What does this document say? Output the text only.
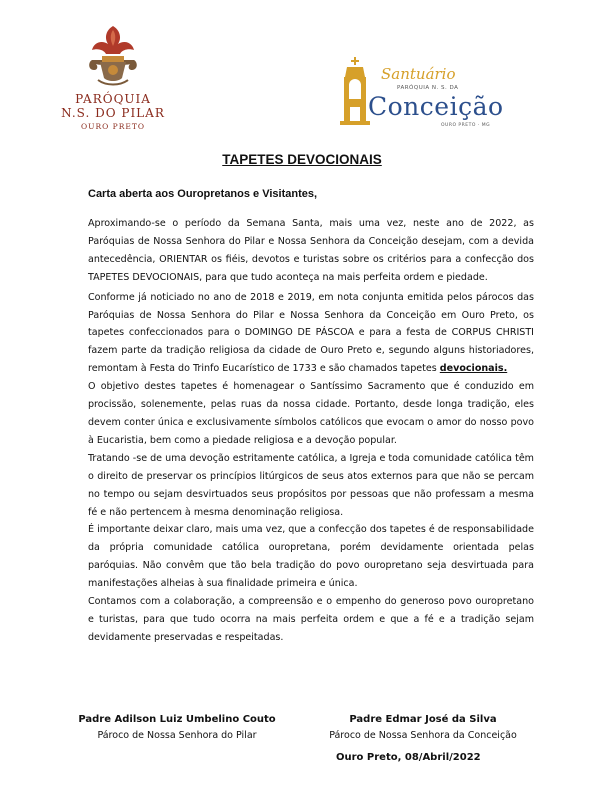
PARÓQUIA
N.S. DO PILAR
OURO PRETO
Santuário
PARÓQUIA N. S. DA
Conceição
OURO PRETO · MG
TAPETES DEVOCIONAIS
Carta aberta aos Ouropretanos e Visitantes,

Aproximando-se o período da Semana Santa, mais uma vez, neste ano de 2022, as Paróquias de Nossa Senhora do Pilar e Nossa Senhora da Conceição desejam, com a devida antecedência, ORIENTAR os fiéis, devotos e turistas sobre os critérios para a confecção dos TAPETES DEVOCIONAIS, para que tudo aconteça na mais perfeita ordem e piedade.

Conforme já noticiado no ano de 2018 e 2019, em nota conjunta emitida pelos párocos das Paróquias de Nossa Senhora do Pilar e Nossa Senhora da Conceição em Ouro Preto, os tapetes confeccionados para o DOMINGO DE PÁSCOA e para a festa de CORPUS CHRISTI fazem parte da tradição religiosa da cidade de Ouro Preto e, segundo alguns historiadores, remontam à Festa do Trinfo Eucarístico de 1733 e são chamados tapetes devocionais.

O objetivo destes tapetes é homenagear o Santíssimo Sacramento que é conduzido em procissão, solenemente, pelas ruas da nossa cidade. Portanto, desde longa tradição, eles devem conter única e exclusivamente símbolos católicos que evocam o amor do nosso povo à Eucaristia, bem como a piedade religiosa e a devoção popular.

Tratando -se de uma devoção estritamente católica, a Igreja e toda comunidade católica têm o direito de preservar os princípios litúrgicos de seus atos externos para que não se percam no tempo ou sejam desvirtuados seus propósitos por pessoas que não professam a mesma fé e não pertencem à mesma denominação religiosa.

É importante deixar claro, mais uma vez, que a confecção dos tapetes é de responsabilidade da própria comunidade católica ouropretana, porém devidamente orientada pelas paróquias. Não convêm que tão bela tradição do povo ouropretano seja desvirtuada para manifestações alheias à sua finalidade primeira e única.

Contamos com a colaboração, a compreensão e o empenho do generoso povo ouropretano e turistas, para que tudo ocorra na mais perfeita ordem e que a fé e a tradição sejam devidamente preservadas e respeitadas.

Padre Adilson Luiz Umbelino Couto
Pároco de Nossa Senhora do Pilar
Padre Edmar José da Silva
Pároco de Nossa Senhora da Conceição
Ouro Preto, 08/Abril/2022
